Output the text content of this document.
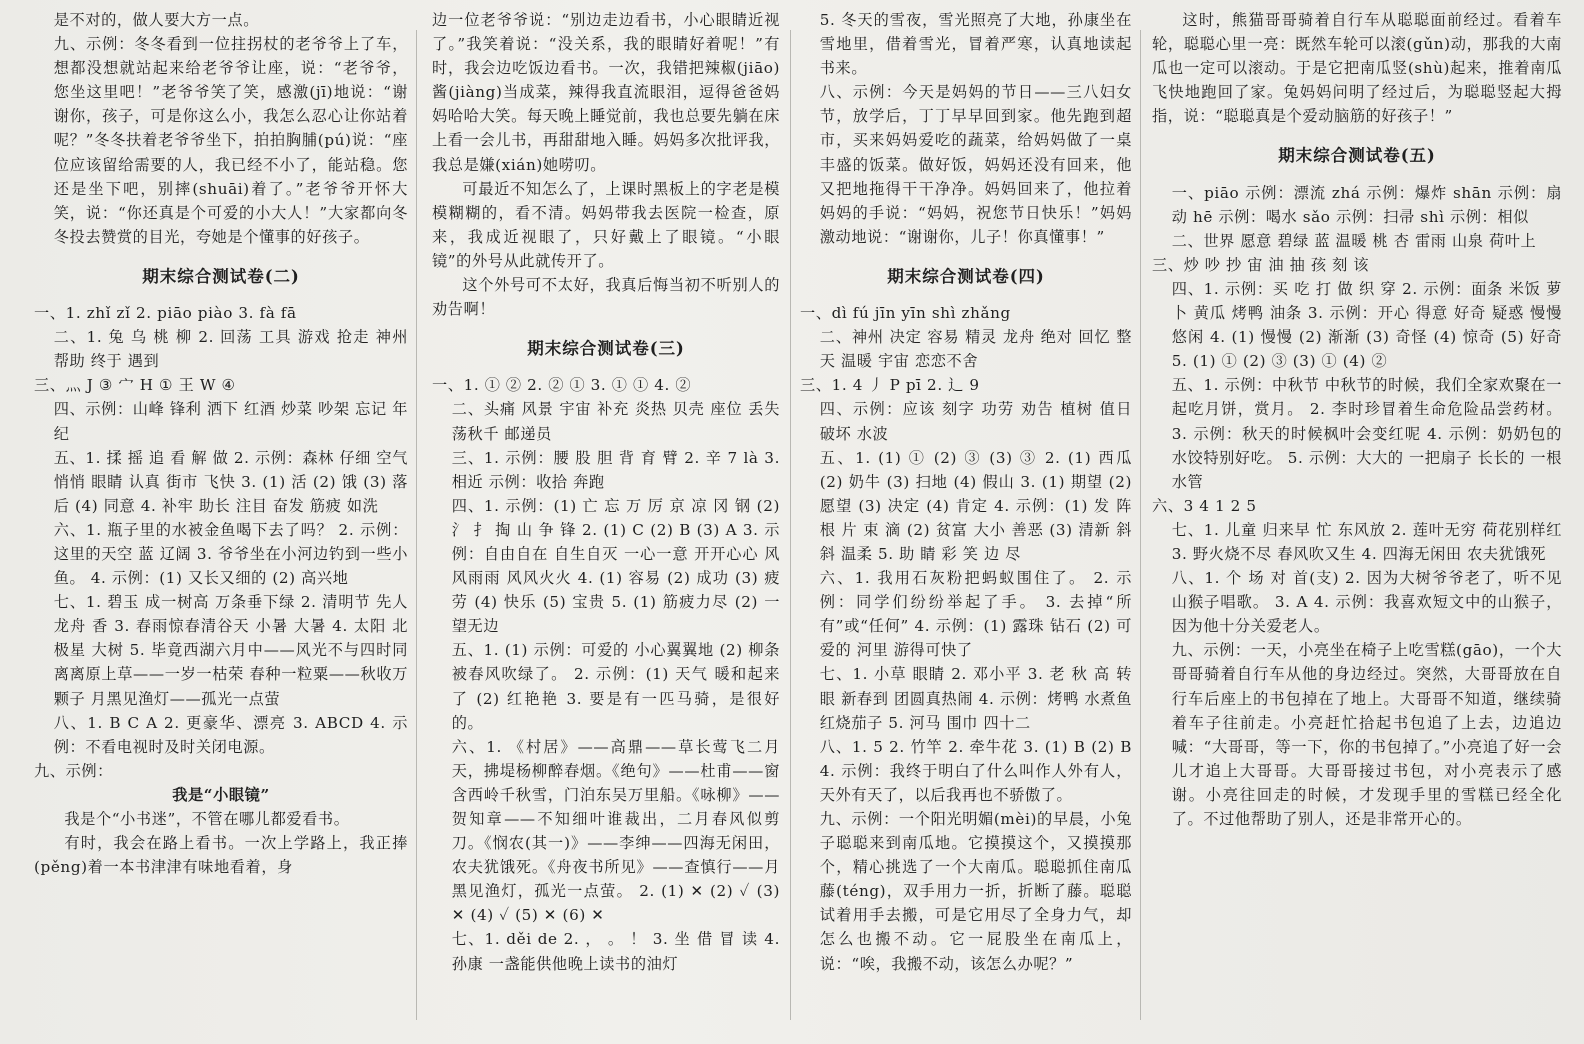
是不对的，做人要大方一点。

九、示例：冬冬看到一位拄拐杖的老爷爷上了车，想都没想就站起来给老爷爷让座，说：“老爷爷，您坐这里吧！”老爷爷笑了笑，感激(jī)地说：“谢谢你，孩子，可是你这么小，我怎么忍心让你站着呢？”冬冬扶着老爷爷坐下，拍拍胸脯(pú)说：“座位应该留给需要的人，我已经不小了，能站稳。您还是坐下吧，别摔(shuāi)着了。”老爷爷开怀大笑，说：“你还真是个可爱的小大人！”大家都向冬冬投去赞赏的目光，夸她是个懂事的好孩子。

期末综合测试卷(二)

一、1. zhǐ zǐ 2. piāo piào 3. fà fā

二、1. 兔 乌 桃 柳 2. 回荡 工具 游戏 抢走 神州 帮助 终于 遇到

三、灬 J ③ 宀 H ① 王 W ④

四、示例：山峰 锋利 洒下 红酒 炒菜 吵架 忘记 年纪

五、1. 揉 摇 追 看 解 做 2. 示例：森林 仔细 空气 悄悄 眼睛 认真 街市 飞快 3. (1) 活 (2) 饿 (3) 落后 (4) 同意 4. 补牢 助长 注目 奋发 筋疲 如洗

六、1. 瓶子里的水被金鱼喝下去了吗？ 2. 示例：这里的天空 蓝 辽阔 3. 爷爷坐在小河边钓到一些小鱼。 4. 示例：(1) 又长又细的 (2) 高兴地

七、1. 碧玉 成一树高 万条垂下绿 2. 清明节 先人 龙舟 香 3. 春雨惊春清谷天 小暑 大暑 4. 太阳 北极星 大树 5. 毕竟西湖六月中——风光不与四时同 离离原上草——一岁一枯荣 春种一粒粟——秋收万颗子 月黑见渔灯——孤光一点萤

八、1. B C A 2. 更豪华、漂亮 3. ABCD 4. 示例：不看电视时及时关闭电源。

九、示例：

我是“小眼镜”

我是个“小书迷”，不管在哪儿都爱看书。

有时，我会在路上看书。一次上学路上，我正捧(pěng)着一本书津津有味地看着，身

边一位老爷爷说：“别边走边看书，小心眼睛近视了。”我笑着说：“没关系，我的眼睛好着呢！”有时，我会边吃饭边看书。一次，我错把辣椒(jiāo)酱(jiàng)当成菜，辣得我直流眼泪，逗得爸爸妈妈哈哈大笑。每天晚上睡觉前，我也总要先躺在床上看一会儿书，再甜甜地入睡。妈妈多次批评我，我总是嫌(xián)她唠叨。

可最近不知怎么了，上课时黑板上的字老是模模糊糊的，看不清。妈妈带我去医院一检查，原来，我成近视眼了，只好戴上了眼镜。“小眼镜”的外号从此就传开了。

这个外号可不太好，我真后悔当初不听别人的劝告啊！

期末综合测试卷(三)

一、1. ① ② 2. ② ① 3. ① ① 4. ②

二、头痛 风景 宇宙 补充 炎热 贝壳 座位 丢失 荡秋千 邮递员

三、1. 示例：腰 股 胆 背 育 臂 2. 辛 7 là 3. 相近 示例：收拾 奔跑

四、1. 示例：(1) 亡 忘 万 厉 京 凉 冈 钢 (2) 氵 扌 掏 山 争 锋 2. (1) C (2) B (3) A 3. 示例：自由自在 自生自灭 一心一意 开开心心 风风雨雨 风风火火 4. (1) 容易 (2) 成功 (3) 疲劳 (4) 快乐 (5) 宝贵 5. (1) 筋疲力尽 (2) 一望无边

五、1. (1) 示例：可爱的 小心翼翼地 (2) 柳条被春风吹绿了。 2. 示例：(1) 天气 暖和起来了 (2) 红艳艳 3. 要是有一匹马骑，是很好的。

六、1. 《村居》——高鼎——草长莺飞二月天，拂堤杨柳醉春烟。《绝句》——杜甫——窗含西岭千秋雪，门泊东吴万里船。《咏柳》——贺知章——不知细叶谁裁出，二月春风似剪刀。《悯农(其一)》——李绅——四海无闲田，农夫犹饿死。《舟夜书所见》——查慎行——月黑见渔灯，孤光一点萤。 2. (1) ✕ (2) ✓ (3) ✕ (4) ✓ (5) ✕ (6) ✕

七、1. děi de 2. ， 。 ！ 3. 坐 借 冒 读 4. 孙康 一盏能供他晚上读书的油灯

5. 冬天的雪夜，雪光照亮了大地，孙康坐在雪地里，借着雪光，冒着严寒，认真地读起书来。

八、示例：今天是妈妈的节日——三八妇女节，放学后，丁丁早早回到家。他先跑到超市，买来妈妈爱吃的蔬菜，给妈妈做了一桌丰盛的饭菜。做好饭，妈妈还没有回来，他又把地拖得干干净净。妈妈回来了，他拉着妈妈的手说：“妈妈，祝您节日快乐！”妈妈激动地说：“谢谢你，儿子！你真懂事！”

期末综合测试卷(四)

一、dì fú jīn yīn shì zhǎng

二、神州 决定 容易 精灵 龙舟 绝对 回忆 整天 温暖 宇宙 恋恋不舍

三、1. 4 丿 P pī 2. 辶 9

四、示例：应该 刻字 功劳 劝告 植树 值日 破坏 水波

五、1. (1) ① (2) ③ (3) ③ 2. (1) 西瓜 (2) 奶牛 (3) 扫地 (4) 假山 3. (1) 期望 (2) 愿望 (3) 决定 (4) 肯定 4. 示例：(1) 发 阵 根 片 束 滴 (2) 贫富 大小 善恶 (3) 清新 斜斜 温柔 5. 助 睛 彩 笑 边 尽

六、1. 我用石灰粉把蚂蚁围住了。 2. 示例：同学们纷纷举起了手。 3. 去掉“所有”或“任何” 4. 示例：(1) 露珠 钻石 (2) 可爱的 河里 游得可快了

七、1. 小草 眼睛 2. 邓小平 3. 老 秋 高 转眼 新春到 团圆真热闹 4. 示例：烤鸭 水煮鱼 红烧茄子 5. 河马 围巾 四十二

八、1. 5 2. 竹竿 2. 牵牛花 3. (1) B (2) B 4. 示例：我终于明白了什么叫作人外有人，天外有天了，以后我再也不骄傲了。

九、示例：一个阳光明媚(mèi)的早晨，小兔子聪聪来到南瓜地。它摸摸这个，又摸摸那个，精心挑选了一个大南瓜。聪聪抓住南瓜藤(téng)，双手用力一折，折断了藤。聪聪试着用手去搬，可是它用尽了全身力气，却怎么也搬不动。它一屁股坐在南瓜上，说：“唉，我搬不动，该怎么办呢？”

这时，熊猫哥哥骑着自行车从聪聪面前经过。看着车轮，聪聪心里一亮：既然车轮可以滚(gǔn)动，那我的大南瓜也一定可以滚动。于是它把南瓜竖(shù)起来，推着南瓜飞快地跑回了家。兔妈妈问明了经过后，为聪聪竖起大拇指，说：“聪聪真是个爱动脑筋的好孩子！”

期末综合测试卷(五)

一、piāo 示例：漂流 zhá 示例：爆炸 shān 示例：扇动 hē 示例：喝水 sǎo 示例：扫帚 shì 示例：相似

二、世界 愿意 碧绿 蓝 温暖 桃 杏 雷雨 山泉 荷叶上

三、炒 吵 抄 宙 油 抽 孩 刻 该

四、1. 示例：买 吃 打 做 织 穿 2. 示例：面条 米饭 萝卜 黄瓜 烤鸭 油条 3. 示例：开心 得意 好奇 疑惑 慢慢 悠闲 4. (1) 慢慢 (2) 渐渐 (3) 奇怪 (4) 惊奇 (5) 好奇 5. (1) ① (2) ③ (3) ① (4) ②

五、1. 示例：中秋节 中秋节的时候，我们全家欢聚在一起吃月饼，赏月。 2. 李时珍冒着生命危险品尝药材。 3. 示例：秋天的时候枫叶会变红呢 4. 示例：奶奶包的水饺特别好吃。 5. 示例：大大的 一把扇子 长长的 一根水管

六、3 4 1 2 5

七、1. 儿童 归来早 忙 东风放 2. 莲叶无穷 荷花别样红 3. 野火烧不尽 春风吹又生 4. 四海无闲田 农夫犹饿死

八、1. 个 场 对 首(支) 2. 因为大树爷爷老了，听不见山猴子唱歌。 3. A 4. 示例：我喜欢短文中的山猴子，因为他十分关爱老人。

九、示例：一天，小亮坐在椅子上吃雪糕(gāo)，一个大哥哥骑着自行车从他的身边经过。突然，大哥哥放在自行车后座上的书包掉在了地上。大哥哥不知道，继续骑着车子往前走。小亮赶忙拾起书包追了上去，边追边喊：“大哥哥，等一下，你的书包掉了。”小亮追了好一会儿才追上大哥哥。大哥哥接过书包，对小亮表示了感谢。小亮往回走的时候，才发现手里的雪糕已经全化了。不过他帮助了别人，还是非常开心的。
